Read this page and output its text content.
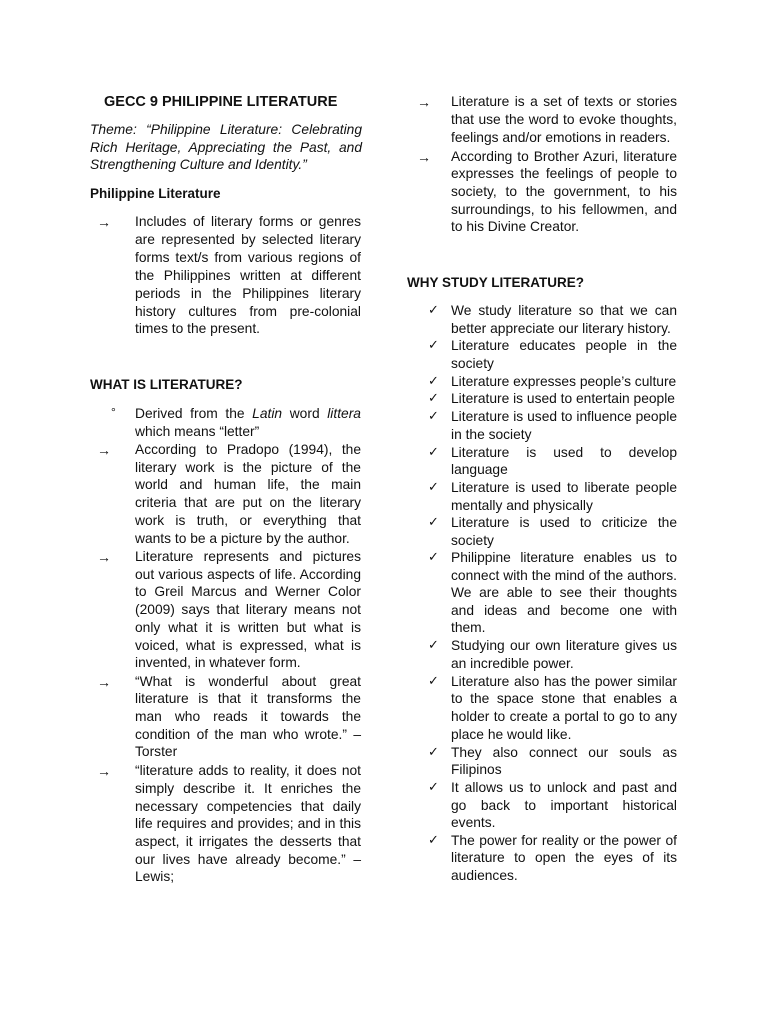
GECC 9 PHILIPPINE LITERATURE
Theme: “Philippine Literature: Celebrating
Rich Heritage, Appreciating the Past, and
Strengthening Culture and Identity.”
Philippine Literature
→ Includes of literary forms or genres
are represented by selected literary
forms text/s from various regions of
the Philippines written at different
periods in the Philippines literary
history cultures from pre-colonial
times to the present.
WHAT IS LITERATURE?
° Derived from the Latin word littera
which means “letter”
→ According to Pradopo (1994), the
literary work is the picture of the
world and human life, the main
criteria that are put on the literary
work is truth, or everything that
wants to be a picture by the author.
→ Literature represents and pictures
out various aspects of life. According
to Greil Marcus and Werner Color
(2009) says that literary means not
only what it is written but what is
voiced, what is expressed, what is
invented, in whatever form.
→ “What is wonderful about great
literature is that it transforms the
man who reads it towards the
condition of the man who wrote.” –
Torster
→ “literature adds to reality, it does not
simply describe it. It enriches the
necessary competencies that daily
life requires and provides; and in this
aspect, it irrigates the desserts that
our lives have already become.” –
Lewis;
→ Literature is a set of texts or stories
that use the word to evoke thoughts,
feelings and/or emotions in readers.
→ According to Brother Azuri, literature
expresses the feelings of people to
society, to the government, to his
surroundings, to his fellowmen, and
to his Divine Creator.
WHY STUDY LITERATURE?
✓ We study literature so that we can
better appreciate our literary history.
✓ Literature educates people in the
society
✓ Literature expresses people’s culture
✓ Literature is used to entertain people
✓ Literature is used to influence people
in the society
✓ Literature is used to develop
language
✓ Literature is used to liberate people
mentally and physically
✓ Literature is used to criticize the
society
✓ Philippine literature enables us to
connect with the mind of the authors.
We are able to see their thoughts
and ideas and become one with
them.
✓ Studying our own literature gives us
an incredible power.
✓ Literature also has the power similar
to the space stone that enables a
holder to create a portal to go to any
place he would like.
✓ They also connect our souls as
Filipinos
✓ It allows us to unlock and past and
go back to important historical
events.
✓ The power for reality or the power of
literature to open the eyes of its
audiences.
